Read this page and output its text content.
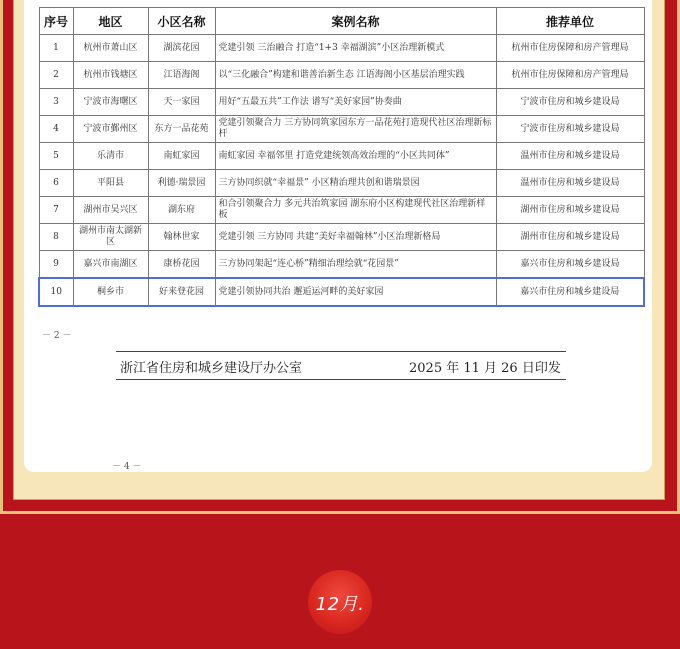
序号	地区	小区名称	案例名称	推荐单位
1	杭州市萧山区	湖滨花园	党建引领 三治融合 打造“1+3 幸福湖滨”小区治理新模式	杭州市住房保障和房产管理局
2	杭州市钱塘区	江语海阁	以“三化融合”构建和谐善治新生态 江语海阁小区基层治理实践	杭州市住房保障和房产管理局
3	宁波市海曙区	天一家园	用好“五最五共”工作法 谱写“美好家园”协奏曲	宁波市住房和城乡建设局
4	宁波市鄞州区	东方一品花苑	党建引领聚合力 三方协同筑家园东方一品花苑打造现代社区治理新标杆	宁波市住房和城乡建设局
5	乐清市	南虹家园	南虹家园 幸福邻里 打造党建统领高效治理的“小区共同体”	温州市住房和城乡建设局
6	平阳县	利德·瑞景园	三方协同织就“幸福景” 小区精治理共创和谐瑞景园	温州市住房和城乡建设局
7	湖州市吴兴区	湖东府	和合引领聚合力 多元共治筑家园 湖东府小区构建现代社区治理新样板	湖州市住房和城乡建设局
8	湖州市南太湖新区	翰林世家	党建引领 三方协同 共建“美好幸福翰林”小区治理新格局	湖州市住房和城乡建设局
9	嘉兴市南湖区	康桥花园	三方协同架起“连心桥”精细治理绘就“花园景”	嘉兴市住房和城乡建设局
10	桐乡市	好来登花园	党建引领协同共治 邂逅运河畔的美好家园	嘉兴市住房和城乡建设局
－ 2 －
浙江省住房和城乡建设厅办公室	2025 年 11 月 26 日印发
－ 4 －
12月.
